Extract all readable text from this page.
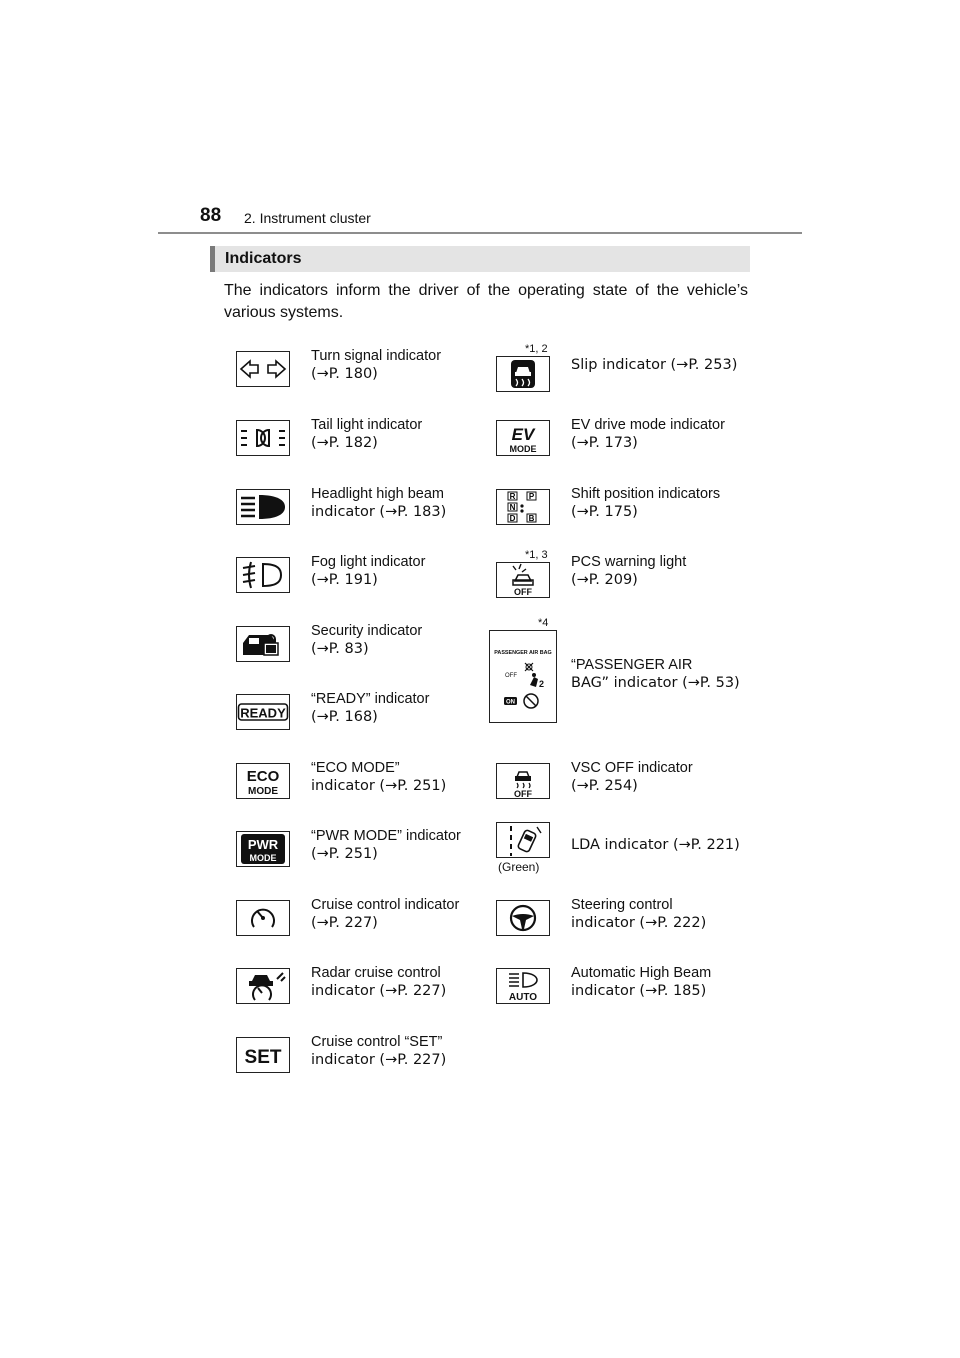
88 2. Instrument cluster
Indicators
The indicators inform the driver of the operating state of the vehicle’s various systems.
Turn signal indicator
(→P. 180)
Tail light indicator
(→P. 182)
Headlight high beam
indicator (→P. 183)
Fog light indicator
(→P. 191)
Security indicator
(→P. 83)
READY
“READY” indicator
(→P. 168)
ECO
MODE
“ECO MODE”
indicator (→P. 251)
PWR
MODE
“PWR MODE” indicator
(→P. 251)
Cruise control indicator
(→P. 227)
Radar cruise control
indicator (→P. 227)
SET
Cruise control “SET”
indicator (→P. 227)
*1, 2
Slip indicator (→P. 253)
EV
MODE
EV drive mode indicator
(→P. 173)
R P
N
D B
Shift position indicators
(→P. 175)
*1, 3
OFF
PCS warning light
(→P. 209)
*4
PASSENGER AIR BAG
OFF
2
ON
“PASSENGER AIR
BAG” indicator (→P. 53)
OFF
VSC OFF indicator
(→P. 254)
(Green)
LDA indicator (→P. 221)
Steering control
indicator (→P. 222)
AUTO
Automatic High Beam
indicator (→P. 185)
